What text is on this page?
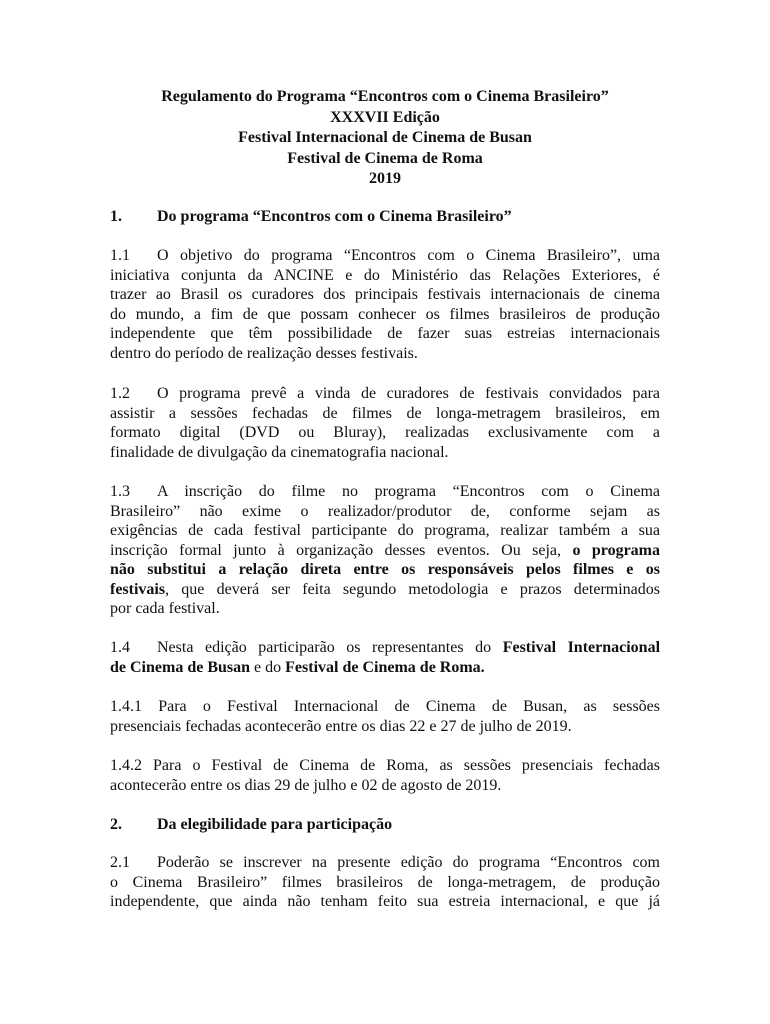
Regulamento do Programa “Encontros com o Cinema Brasileiro”
XXXVII Edição
Festival Internacional de Cinema de Busan
Festival de Cinema de Roma
2019
1. Do programa “Encontros com o Cinema Brasileiro”
1.1 O objetivo do programa “Encontros com o Cinema Brasileiro”, uma
iniciativa conjunta da ANCINE e do Ministério das Relações Exteriores, é
trazer ao Brasil os curadores dos principais festivais internacionais de cinema
do mundo, a fim de que possam conhecer os filmes brasileiros de produção
independente que têm possibilidade de fazer suas estreias internacionais
dentro do período de realização desses festivais.
1.2 O programa prevê a vinda de curadores de festivais convidados para
assistir a sessões fechadas de filmes de longa-metragem brasileiros, em
formato digital (DVD ou Bluray), realizadas exclusivamente com a
finalidade de divulgação da cinematografia nacional.
1.3 A inscrição do filme no programa “Encontros com o Cinema
Brasileiro” não exime o realizador/produtor de, conforme sejam as
exigências de cada festival participante do programa, realizar também a sua
inscrição formal junto à organização desses eventos. Ou seja, o programa
não substitui a relação direta entre os responsáveis pelos filmes e os
festivais, que deverá ser feita segundo metodologia e prazos determinados
por cada festival.
1.4 Nesta edição participarão os representantes do Festival Internacional
de Cinema de Busan e do Festival de Cinema de Roma.
1.4.1 Para o Festival Internacional de Cinema de Busan, as sessões
presenciais fechadas acontecerão entre os dias 22 e 27 de julho de 2019.
1.4.2 Para o Festival de Cinema de Roma, as sessões presenciais fechadas
acontecerão entre os dias 29 de julho e 02 de agosto de 2019.
2. Da elegibilidade para participação
2.1 Poderão se inscrever na presente edição do programa “Encontros com
o Cinema Brasileiro” filmes brasileiros de longa-metragem, de produção
independente, que ainda não tenham feito sua estreia internacional, e que já
